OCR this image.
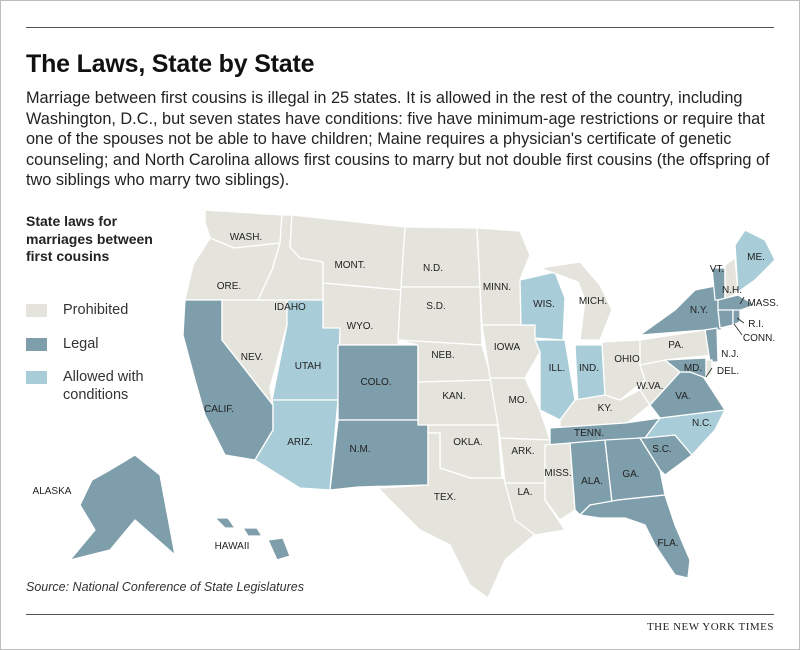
The Laws, State by State
Marriage between first cousins is illegal in 25 states. It is allowed in the rest of the country, including Washington, D.C., but seven states have conditions: five have minimum-age restrictions or require that one of the spouses not be able to have children; Maine requires a physician's certificate of genetic counseling; and North Carolina allows first cousins to marry but not double first cousins (the offspring of two siblings who marry two siblings).
WASH.
ORE.
CALIF.
NEV.
IDAHO
MONT.
WYO.
UTAH
ARIZ.
COLO.
N.M.
N.D.
S.D.
NEB.
KAN.
OKLA.
TEX.
MINN.
IOWA
MO.
ARK.
LA.
WIS.
ILL.
MICH.
IND.
OHIO
KY.
TENN.
MISS.
ALA.
GA.
FLA.
S.C.
N.C.
VA.
W.VA.
PA.
N.Y.
VT.
N.H.
ME.
MASS.
R.I.
CONN.
N.J.
DEL.
MD.
ALASKA
HAWAII
State laws for marriages between first cousins
Prohibited
Legal
Allowed with conditions
Source: National Conference of State Legislatures
THE NEW YORK TIMES
